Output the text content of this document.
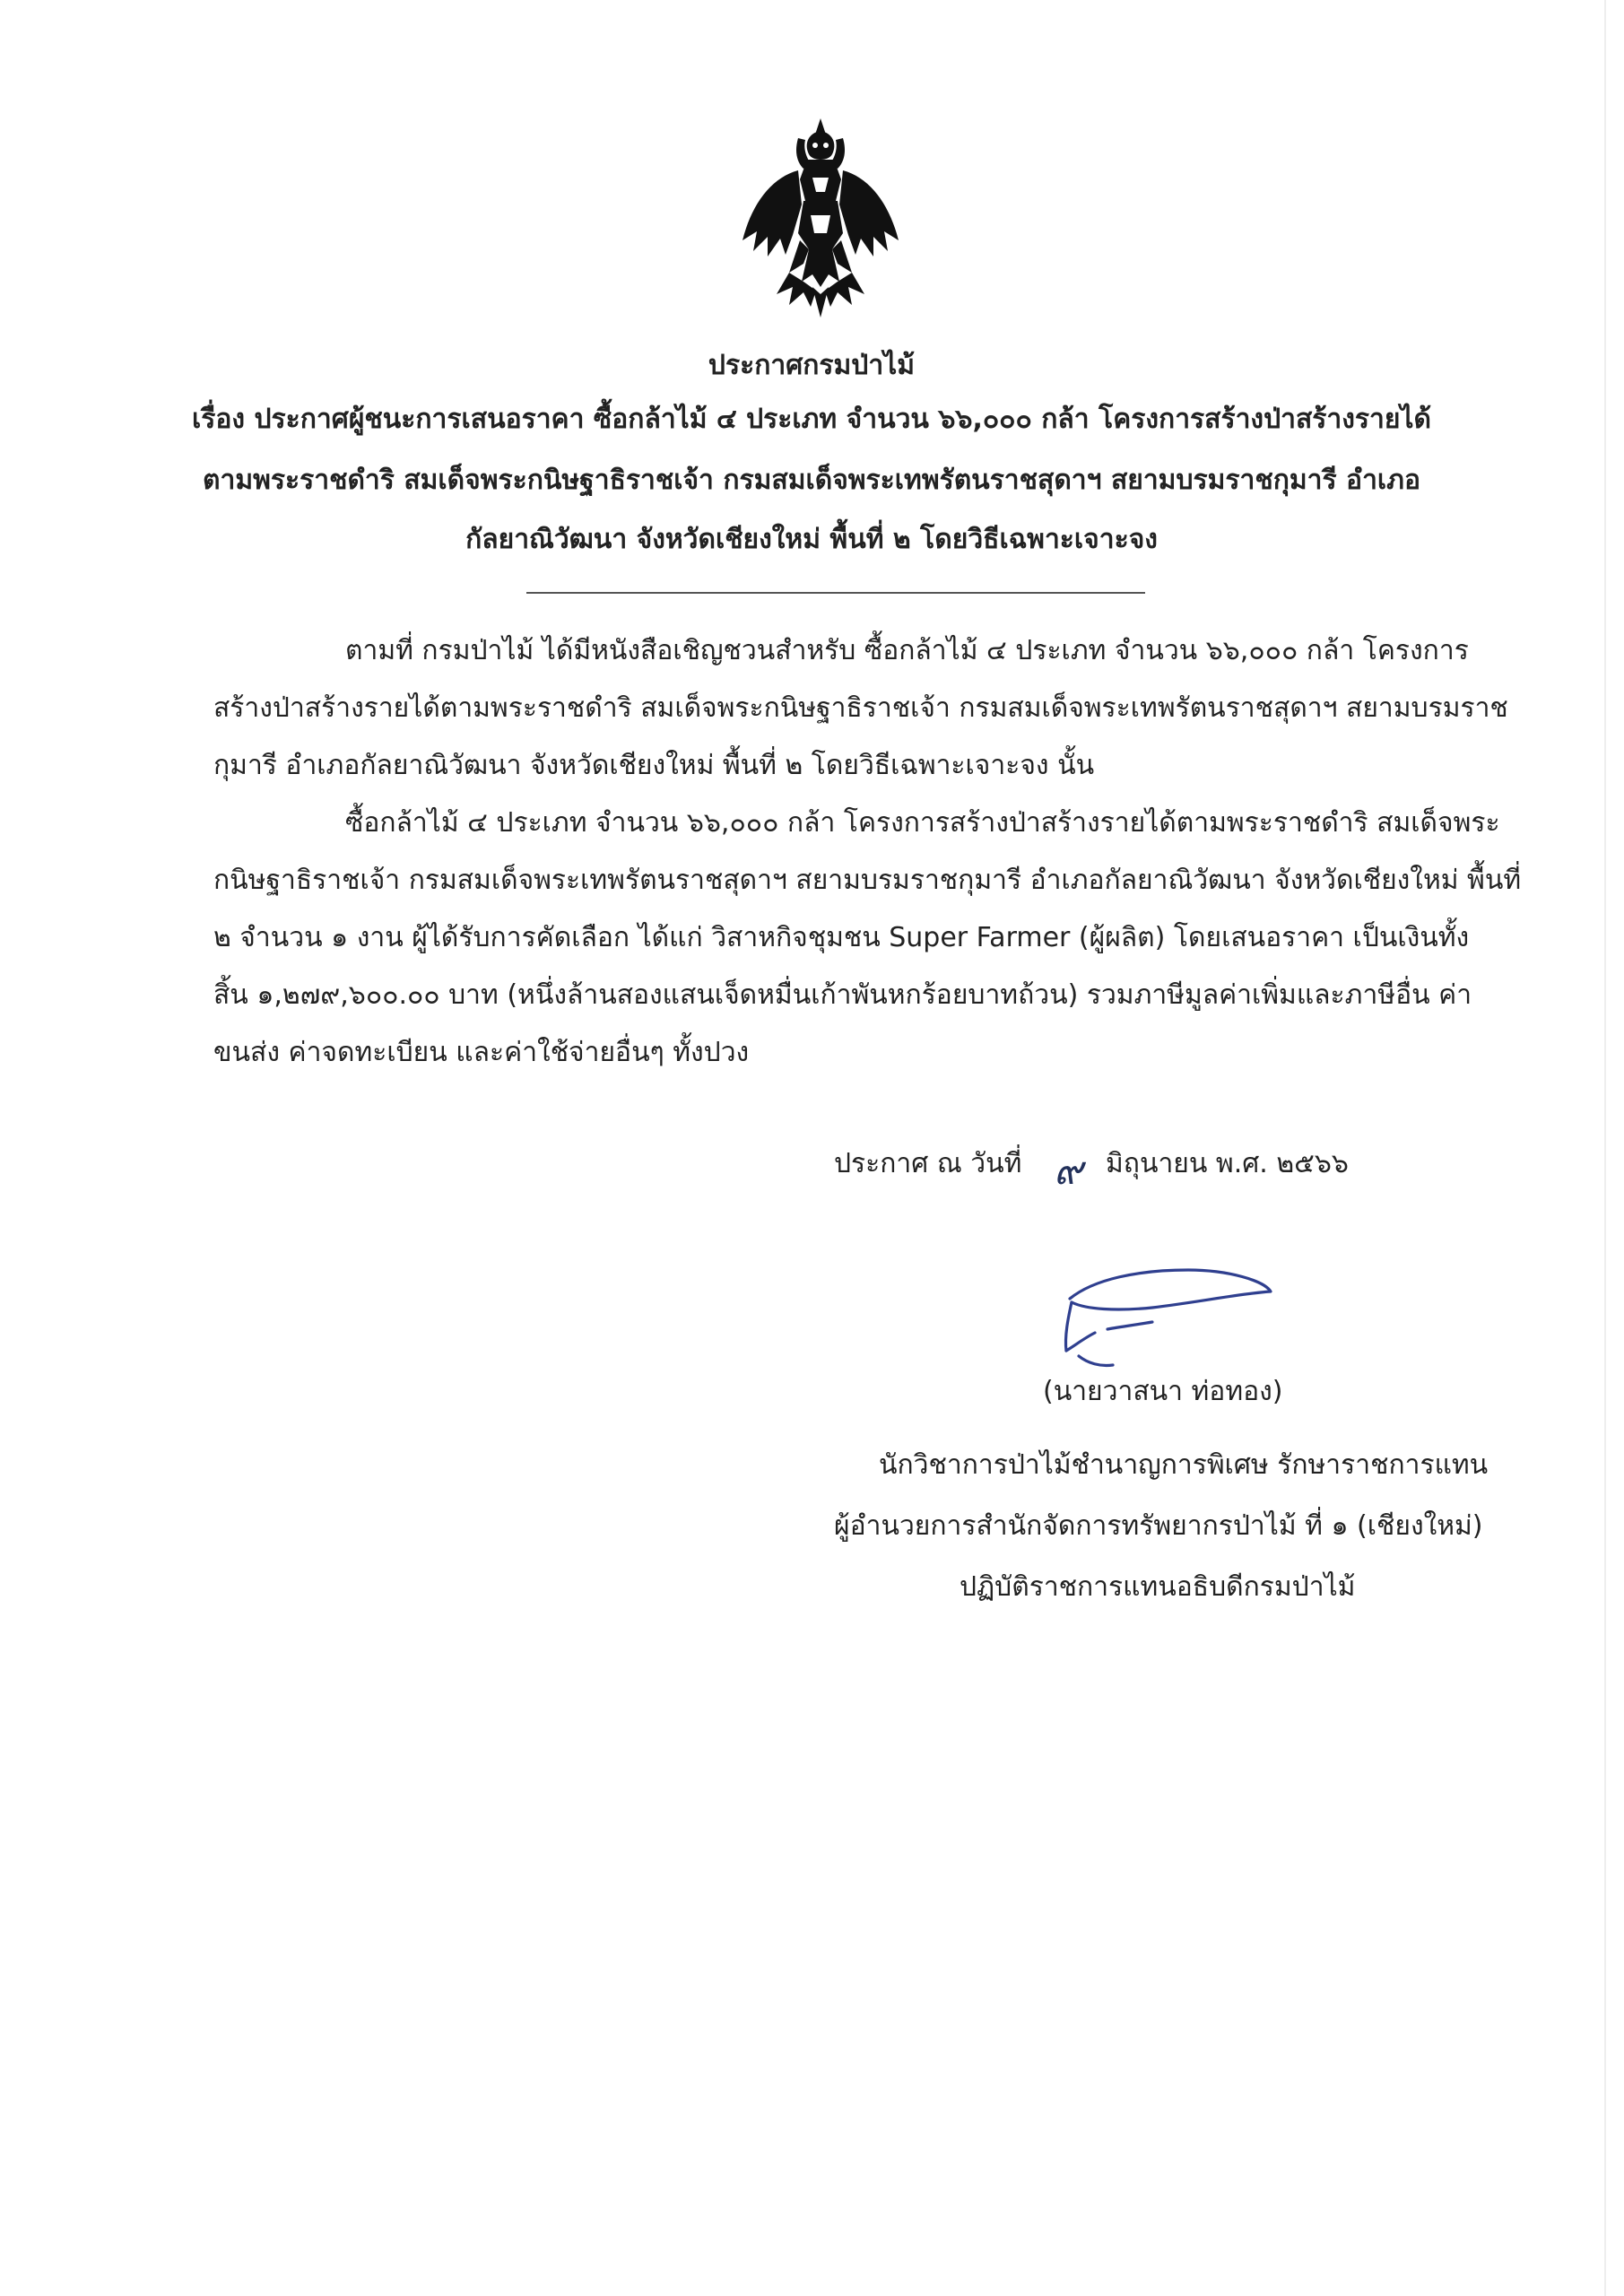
ประกาศกรมป่าไม้
เรื่อง ประกาศผู้ชนะการเสนอราคา ซื้อกล้าไม้ ๔ ประเภท จำนวน ๖๖,๐๐๐ กล้า โครงการสร้างป่าสร้างรายได้
ตามพระราชดำริ สมเด็จพระกนิษฐาธิราชเจ้า กรมสมเด็จพระเทพรัตนราชสุดาฯ สยามบรมราชกุมารี อำเภอ
กัลยาณิวัฒนา จังหวัดเชียงใหม่ พื้นที่ ๒ โดยวิธีเฉพาะเจาะจง
ตามที่ กรมป่าไม้ ได้มีหนังสือเชิญชวนสำหรับ ซื้อกล้าไม้ ๔ ประเภท จำนวน ๖๖,๐๐๐ กล้า โครงการ
สร้างป่าสร้างรายได้ตามพระราชดำริ สมเด็จพระกนิษฐาธิราชเจ้า กรมสมเด็จพระเทพรัตนราชสุดาฯ สยามบรมราช
กุมารี อำเภอกัลยาณิวัฒนา จังหวัดเชียงใหม่ พื้นที่ ๒ โดยวิธีเฉพาะเจาะจง นั้น
ซื้อกล้าไม้ ๔ ประเภท จำนวน ๖๖,๐๐๐ กล้า โครงการสร้างป่าสร้างรายได้ตามพระราชดำริ สมเด็จพระ
กนิษฐาธิราชเจ้า กรมสมเด็จพระเทพรัตนราชสุดาฯ สยามบรมราชกุมารี อำเภอกัลยาณิวัฒนา จังหวัดเชียงใหม่ พื้นที่
๒ จำนวน ๑ งาน ผู้ได้รับการคัดเลือก ได้แก่ วิสาหกิจชุมชน Super Farmer (ผู้ผลิต) โดยเสนอราคา เป็นเงินทั้ง
สิ้น ๑,๒๗๙,๖๐๐.๐๐ บาท (หนึ่งล้านสองแสนเจ็ดหมื่นเก้าพันหกร้อยบาทถ้วน) รวมภาษีมูลค่าเพิ่มและภาษีอื่น ค่า
ขนส่ง ค่าจดทะเบียน และค่าใช้จ่ายอื่นๆ ทั้งปวง
ประกาศ ณ วันที่ ๙ มิถุนายน พ.ศ. ๒๕๖๖
(นายวาสนา ท่อทอง)
นักวิชาการป่าไม้ชำนาญการพิเศษ รักษาราชการแทน
ผู้อำนวยการสำนักจัดการทรัพยากรป่าไม้ ที่ ๑ (เชียงใหม่)
ปฏิบัติราชการแทนอธิบดีกรมป่าไม้
